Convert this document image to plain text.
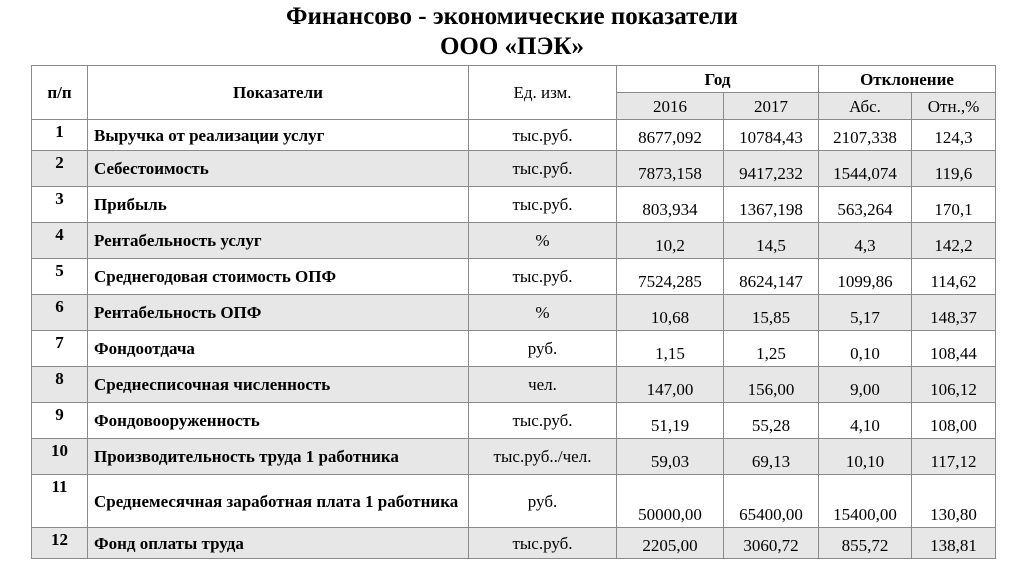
Финансово - экономические показатели
ООО «ПЭК»
п/п	Показатели	Ед. изм.	Год		Отклонение	
			2016	2017	Абс.	Отн.,%
1	Выручка от реализации услуг	тыс.руб.	8677,092	10784,43	2107,338	124,3
2	Себестоимость	тыс.руб.	7873,158	9417,232	1544,074	119,6
3	Прибыль	тыс.руб.	803,934	1367,198	563,264	170,1
4	Рентабельность услуг	%	10,2	14,5	4,3	142,2
5	Среднегодовая стоимость ОПФ	тыс.руб.	7524,285	8624,147	1099,86	114,62
6	Рентабельность ОПФ	%	10,68	15,85	5,17	148,37
7	Фондоотдача	руб.	1,15	1,25	0,10	108,44
8	Среднесписочная численность	чел.	147,00	156,00	9,00	106,12
9	Фондовооруженность	тыс.руб.	51,19	55,28	4,10	108,00
10	Производительность труда 1 работника	тыс.руб../чел.	59,03	69,13	10,10	117,12
11	Среднемесячная заработная плата 1 работника	руб.	50000,00	65400,00	15400,00	130,80
12	Фонд оплаты труда	тыс.руб.	2205,00	3060,72	855,72	138,81
